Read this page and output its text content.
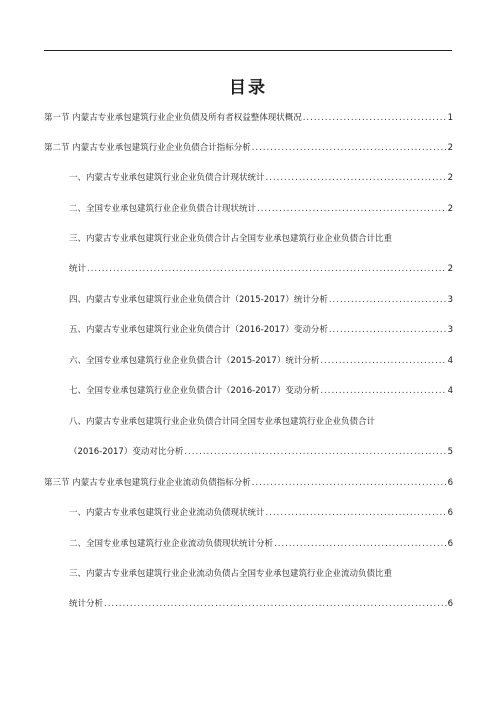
目录
第一节 内蒙古专业承包建筑行业企业负债及所有者权益整体现状概况 .....	1
第二节 内蒙古专业承包建筑行业企业负债合计指标分析 .....	2
一、内蒙古专业承包建筑行业企业负债合计现状统计 .....	2
二、全国专业承包建筑行业企业负债合计现状统计 .....	2
三、内蒙古专业承包建筑行业企业负债合计占全国专业承包建筑行业企业负债合计比重
统计 .....	2
四、内蒙古专业承包建筑行业企业负债合计（2015-2017）统计分析 .....	3
五、内蒙古专业承包建筑行业企业负债合计（2016-2017）变动分析 .....	3
六、全国专业承包建筑行业企业负债合计（2015-2017）统计分析 .....	4
七、全国专业承包建筑行业企业负债合计（2016-2017）变动分析 .....	4
八、内蒙古专业承包建筑行业企业负债合计同全国专业承包建筑行业企业负债合计
（2016-2017）变动对比分析 .....	5
第三节 内蒙古专业承包建筑行业企业流动负债指标分析 .....	6
一、内蒙古专业承包建筑行业企业流动负债现状统计 .....	6
二、全国专业承包建筑行业企业流动负债现状统计分析 .....	6
三、内蒙古专业承包建筑行业企业流动负债占全国专业承包建筑行业企业流动负债比重
统计分析 .....	6
